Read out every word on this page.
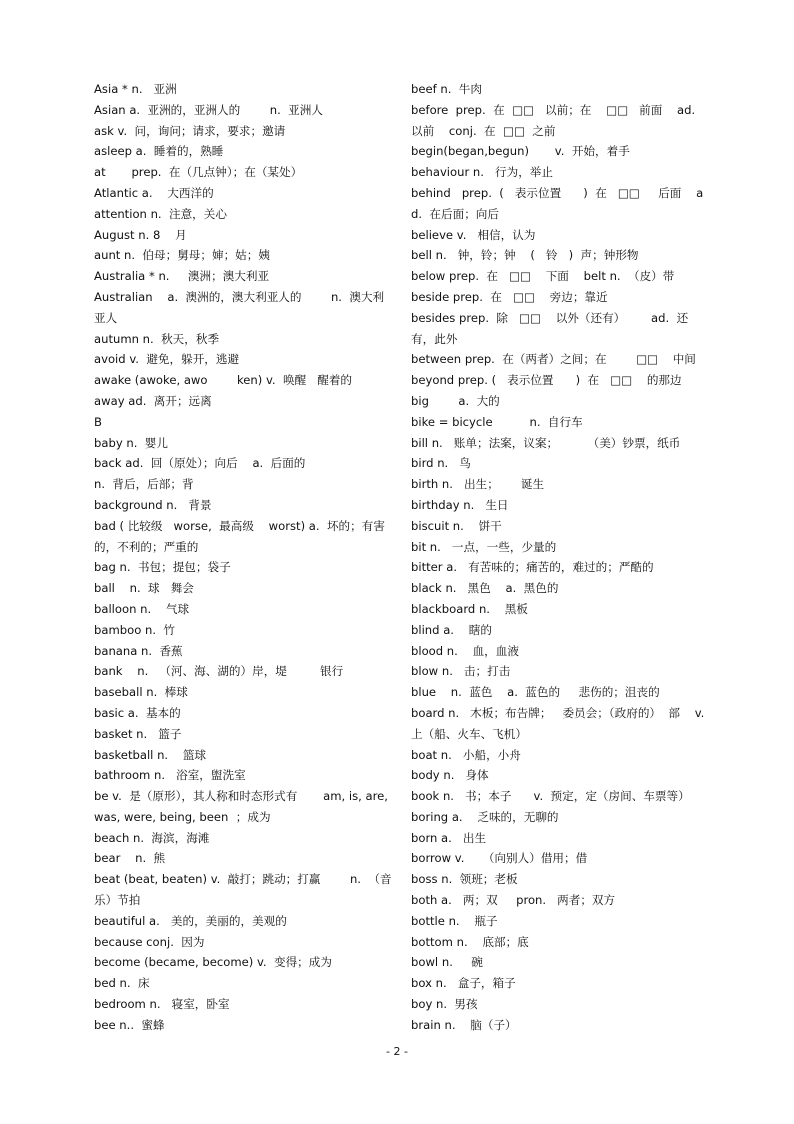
Asia * n.   亚洲
Asian a.  亚洲的，亚洲人的        n.  亚洲人
ask v.  问，询问；请求，要求；邀请
asleep a.  睡着的，熟睡
at       prep.  在（几点钟）；在（某处）
Atlantic a.    大西洋的
attention n.  注意，关心
August n. 8    月
aunt n.  伯母；舅母；婶；姑；姨
Australia * n.     澳洲；澳大利亚
Australian    a.  澳洲的，澳大利亚人的        n.  澳大利亚人
autumn n.  秋天，秋季
avoid v.  避免，躲开，逃避
awake (awoke, awo        ken) v.  唤醒   醒着的
away ad.  离开；远离
B
baby n.  婴儿
back ad.  回（原处）；向后    a.  后面的
n.  背后，后部；背
background n.   背景
bad ( 比较级   worse,  最高级    worst) a.  坏的；有害的，不利的；严重的
bag n.  书包；提包；袋子
ball    n.  球   舞会
balloon n.    气球
bamboo n.  竹
banana n.  香蕉
bank    n.   （河、海、湖的）岸，堤         银行
baseball n.  棒球
basic a.  基本的
basket n.   篮子
basketball n.    篮球
bathroom n.   浴室，盥洗室
be v.  是（原形），其人称和时态形式有       am, is, are, was, were, being, been  ；成为
beach n.  海滨，海滩
bear    n.  熊
beat (beat, beaten) v.  敲打；跳动；打赢        n.  （音乐）节拍
beautiful a.   美的，美丽的，美观的
because conj.  因为
become (became, become) v.  变得；成为
bed n.  床
bedroom n.   寝室，卧室
bee n..  蜜蜂
beef n.  牛肉
before  prep.  在  □□   以前；在    □□   前面    ad.  以前    conj.  在  □□  之前
begin(began,begun)       v.  开始，着手
behaviour n.   行为，举止
behind   prep.  (   表示位置      )  在   □□     后面    ad.  在后面；向后
believe v.   相信，认为
bell n.   钟，铃；钟    (   铃   )  声；钟形物
below prep.  在   □□    下面    belt n.  （皮）带
beside prep.  在   □□    旁边；靠近
besides prep.  除   □□    以外（还有）       ad.  还有，此外
between prep.  在（两者）之间；在        □□    中间
beyond prep. (   表示位置      )  在   □□    的那边
big        a.  大的
bike = bicycle          n.  自行车
bill n.   账单；法案，议案；        （美）钞票，纸币
bird n.   鸟
birth n.   出生；      诞生
birthday n.   生日
biscuit n.    饼干
bit n.   一点，一些，少量的
bitter a.   有苦味的；痛苦的，难过的；严酷的
black n.   黑色    a.  黑色的
blackboard n.    黑板
blind a.    瞎的
blood n.    血，血液
blow n.   击；打击
blue    n.  蓝色    a.  蓝色的     悲伤的；沮丧的
board n.   木板；布告牌；   委员会；（政府的）  部    v.  上（船、火车、飞机）
boat n.   小船，小舟
body n.   身体
book n.   书；本子      v.  预定，定（房间、车票等）
boring a.    乏味的，无聊的
born a.   出生
borrow v.     （向别人）借用；借
boss n.  领班；老板
both a.   两；双     pron.   两者；双方
bottle n.    瓶子
bottom n.    底部；底
bowl n.     碗
box n.   盒子，箱子
boy n.  男孩
brain n.    脑（子）
- 2 -
